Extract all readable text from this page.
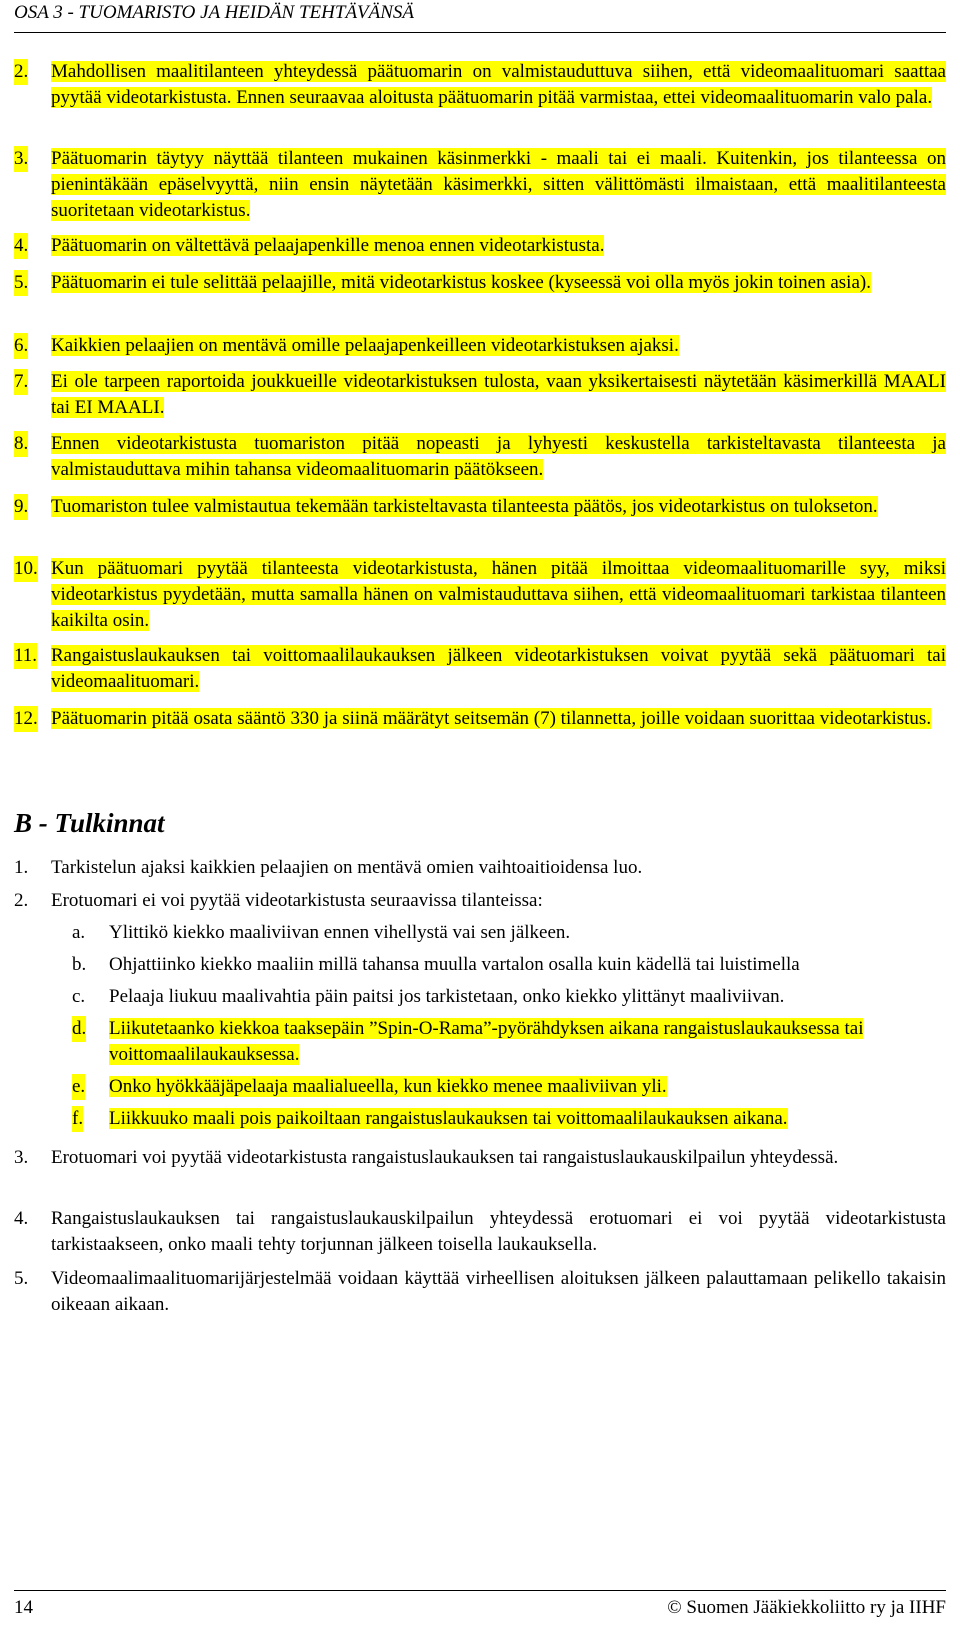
OSA 3 - TUOMARISTO JA HEIDÄN TEHTÄVÄNSÄ
2. Mahdollisen maalitilanteen yhteydessä päätuomarin on valmistauduttuva siihen, että videomaalituomari saattaa pyytää videotarkistusta. Ennen seuraavaa aloitusta päätuomarin pitää varmistaa, ettei videomaalituomarin valo pala.
3. Päätuomarin täytyy näyttää tilanteen mukainen käsinmerkki - maali tai ei maali. Kuitenkin, jos tilanteessa on pienintäkään epäselvyyttä, niin ensin näytetään käsimerkki, sitten välittömästi ilmaistaan, että maalitilanteesta suoritetaan videotarkistus.
4. Päätuomarin on vältettävä pelaajapenkille menoa ennen videotarkistusta.
5. Päätuomarin ei tule selittää pelaajille, mitä videotarkistus koskee (kyseessä voi olla myös jokin toinen asia).
6. Kaikkien pelaajien on mentävä omille pelaajapenkeilleen videotarkistuksen ajaksi.
7. Ei ole tarpeen raportoida joukkueille videotarkistuksen tulosta, vaan yksikertaisesti näytetään käsimerkillä MAALI tai EI MAALI.
8. Ennen videotarkistusta tuomariston pitää nopeasti ja lyhyesti keskustella tarkisteltavasta tilanteesta ja valmistauduttava mihin tahansa videomaalituomarin päätökseen.
9. Tuomariston tulee valmistautua tekemään tarkisteltavasta tilanteesta päätös, jos videotarkistus on tulokseton.
10. Kun päätuomari pyytää tilanteesta videotarkistusta, hänen pitää ilmoittaa videomaalituomarille syy, miksi videotarkistus pyydetään, mutta samalla hänen on valmistauduttava siihen, että videomaalituomari tarkistaa tilanteen kaikilta osin.
11. Rangaistuslaukauksen tai voittomaalilaukauksen jälkeen videotarkistuksen voivat pyytää sekä päätuomari tai videomaalituomari.
12. Päätuomarin pitää osata sääntö 330 ja siinä määrätyt seitsemän (7) tilannetta, joille voidaan suorittaa videotarkistus.
B - Tulkinnat
1. Tarkistelun ajaksi kaikkien pelaajien on mentävä omien vaihtoaitioidensa luo.
2. Erotuomari ei voi pyytää videotarkistusta seuraavissa tilanteissa:
a. Ylittikö kiekko maaliviivan ennen vihellystä vai sen jälkeen.
b. Ohjattiinko kiekko maaliin millä tahansa muulla vartalon osalla kuin kädellä tai luistimella
c. Pelaaja liukuu maalivahtia päin paitsi jos tarkistetaan, onko kiekko ylittänyt maaliviivan.
d. Liikutetaanko kiekkoa taaksepäin ”Spin-O-Rama”-pyörähdyksen aikana rangaistuslaukauksessa tai voittomaalilaukauksessa.
e. Onko hyökkääjäpelaaja maalialueella, kun kiekko menee maaliviivan yli.
f. Liikkuuko maali pois paikoiltaan rangaistuslaukauksen tai voittomaalilaukauksen aikana.
3. Erotuomari voi pyytää videotarkistusta rangaistuslaukauksen tai rangaistuslaukauskilpailun yhteydessä.
4. Rangaistuslaukauksen tai rangaistuslaukauskilpailun yhteydessä erotuomari ei voi pyytää videotarkistusta tarkistaakseen, onko maali tehty torjunnan jälkeen toisella laukauksella.
5. Videomaalimaalituomarijärjestelmää voidaan käyttää virheellisen aloituksen jälkeen palauttamaan pelikello takaisin oikeaan aikaan.
14	© Suomen Jääkiekkoliitto ry ja IIHF
